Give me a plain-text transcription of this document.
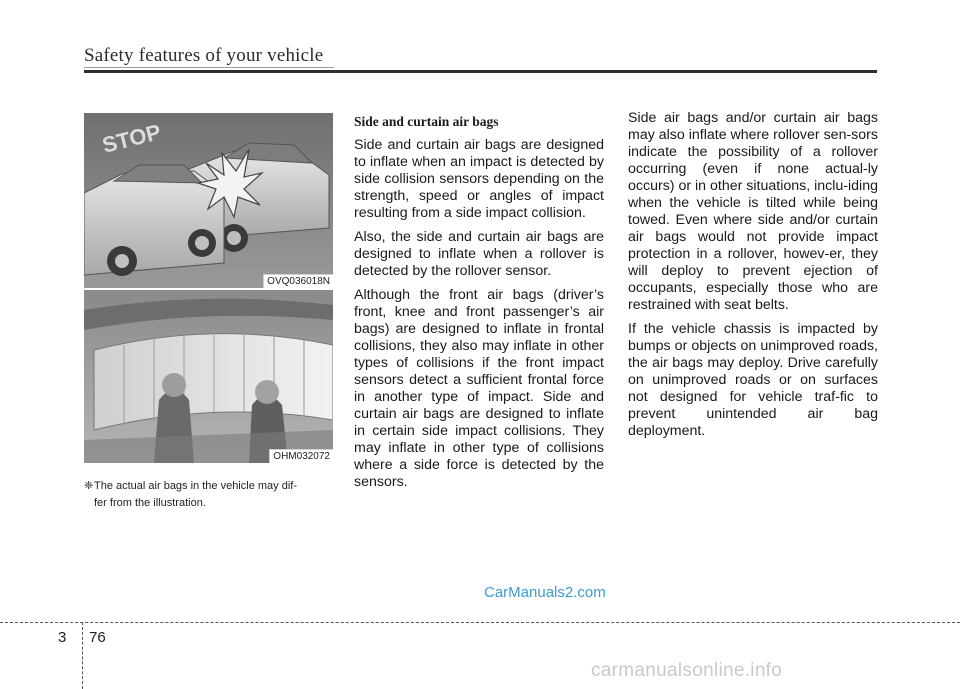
Safety features of your vehicle
STOP
OVQ036018N
OHM032072
❈The actual air bags in the vehicle may dif-
fer from the illustration.
Side and curtain air bags

Side and curtain air bags are designed to inflate when an impact is detected by side collision sensors depending on the strength, speed or angles of impact resulting from a side impact collision.

Also, the side and curtain air bags are designed to inflate when a rollover is detected by the rollover sensor.

Although the front air bags (driver’s front, knee and front passenger’s air bags) are designed to inflate in frontal collisions, they also may inflate in other types of collisions if the front impact sensors detect a sufficient frontal force in another type of impact. Side and curtain air bags are designed to inflate in certain side impact collisions. They may inflate in other type of collisions where a side force is detected by the sensors.

Side air bags and/or curtain air bags may also inflate where rollover sen-sors indicate the possibility of a rollover occurring (even if none actual-ly occurs) or in other situations, inclu-iding when the vehicle is tilted while being towed. Even where side and/or curtain air bags would not provide impact protection in a rollover, howev-er, they will deploy to prevent ejection of occupants, especially those who are restrained with seat belts.

If the vehicle chassis is impacted by bumps or objects on unimproved roads, the air bags may deploy. Drive carefully on unimproved roads or on surfaces not designed for vehicle traf-fic to prevent unintended air bag deployment.

CarManuals2.com
3 76
carmanualsonline.info
